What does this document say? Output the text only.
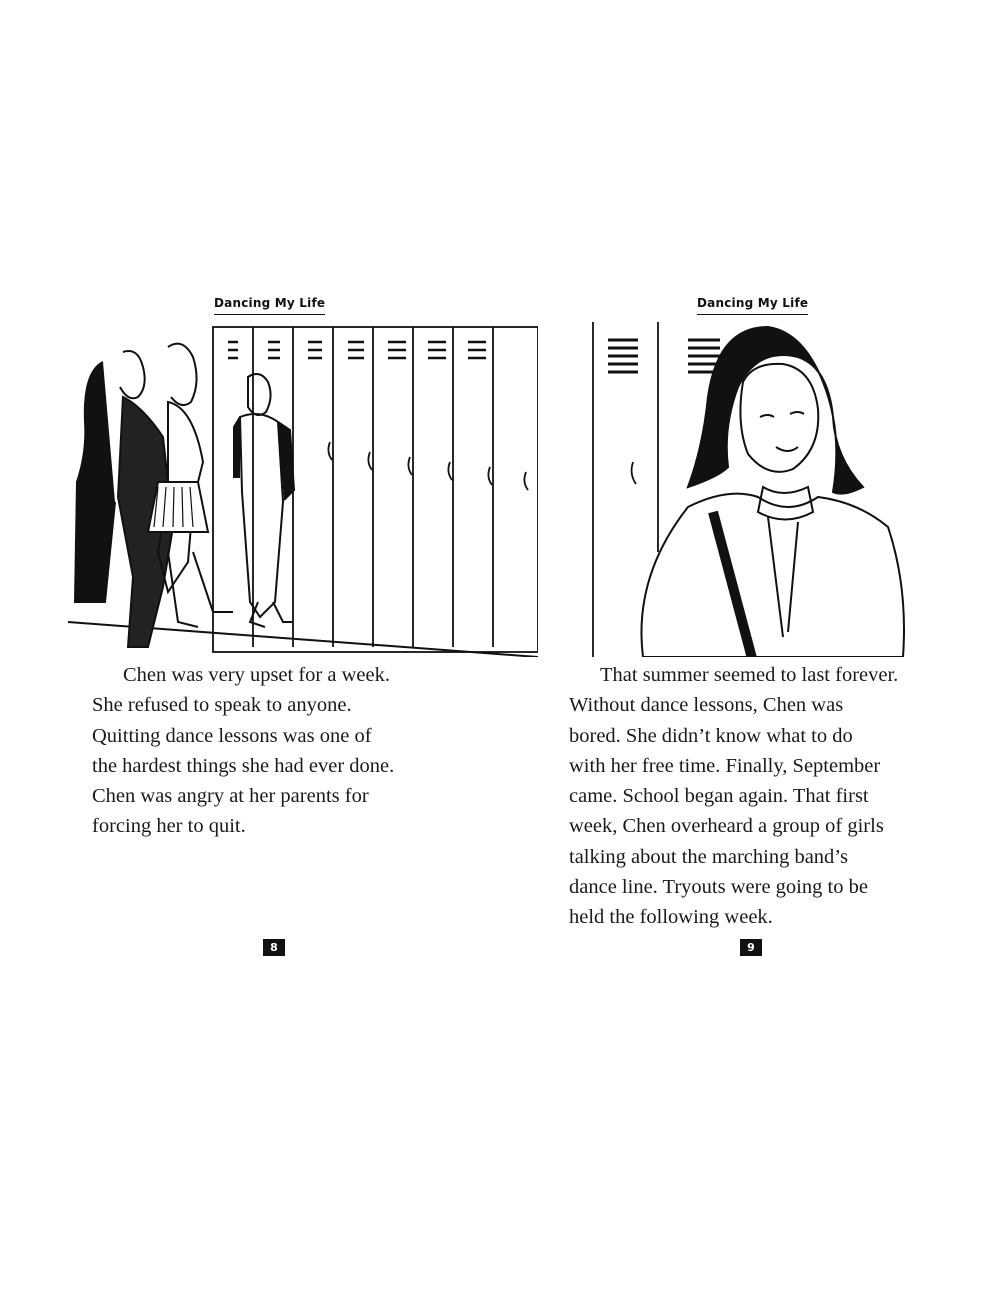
Dancing My Life
Chen was very upset for a week.
She refused to speak to anyone.
Quitting dance lessons was one of
the hardest things she had ever done.
Chen was angry at her parents for
forcing her to quit.
8
Dancing My Life
That summer seemed to last forever.
Without dance lessons, Chen was
bored. She didn’t know what to do
with her free time. Finally, September
came. School began again. That first
week, Chen overheard a group of girls
talking about the marching band’s
dance line. Tryouts were going to be
held the following week.
9
